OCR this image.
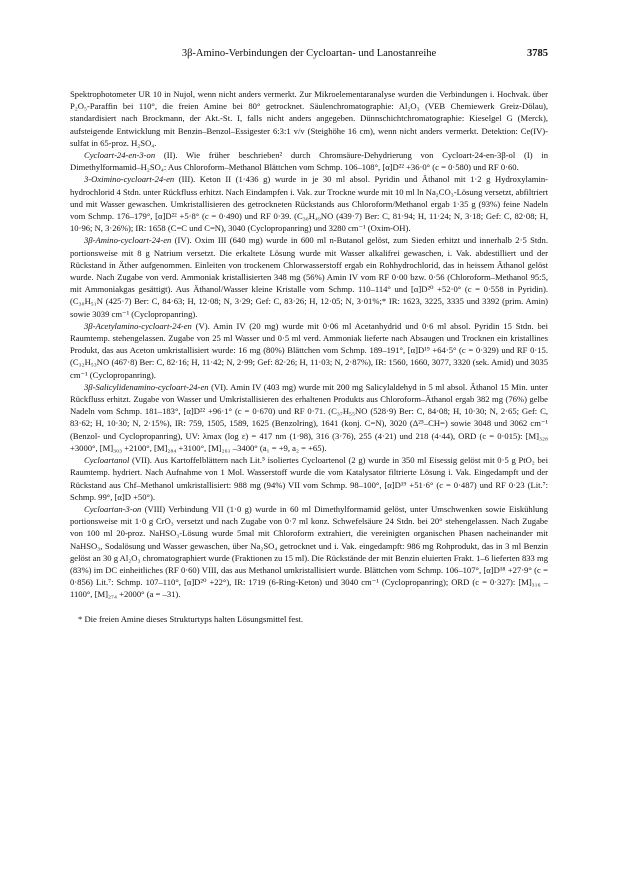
3β-Amino-Verbindungen der Cycloartan- und Lanostanreihe	3785

Spektrophotometer UR 10 in Nujol, wenn nicht anders vermerkt. Zur Mikroelementaranalyse wurden die Verbindungen i. Hochvak. über P₂O₅-Paraffin bei 110°, die freien Amine bei 80° getrocknet. Säulenchromatographie: Al₂O₃ (VEB Chemiewerk Greiz-Dölau), standardisiert nach Brockmann, der Akt.-St. I, falls nicht anders angegeben. Dünnschichtchromatographie: Kieselgel G (Merck), aufsteigende Entwicklung mit Benzin–Benzol–Essigester 6:3:1 v/v (Steighöhe 16 cm), wenn nicht anders vermerkt. Detektion: Ce(IV)-sulfat in 65-proz. H₂SO₄.

Cycloart-24-en-3-on (II). Wie früher beschrieben² durch Chromsäure-Dehydrierung von Cycloart-24-en-3β-ol (I) in Dimethylformamid–H₂SO₄: Aus Chloroform–Methanol Blättchen vom Schmp. 106–108°, [α]D²² +36·0° (c = 0·580) und RF 0·60.

3-Oximino-cycloart-24-en (III). Keton II (1·436 g) wurde in je 30 ml absol. Pyridin und Äthanol mit 1·2 g Hydroxylamin-hydrochlorid 4 Stdn. unter Rückfluss erhitzt. Nach Eindampfen i. Vak. zur Trockne wurde mit 10 ml ln Na₂CO₃-Lösung versetzt, abfiltriert und mit Wasser gewaschen. Umkristallisieren des getrockneten Rückstands aus Chloroform/Methanol ergab 1·35 g (93%) feine Nadeln vom Schmp. 176–179°, [α]D²² +5·8° (c = 0·490) und RF 0·39. (C₃₀H₄₉NO (439·7) Ber: C, 81·94; H, 11·24; N, 3·18; Gef: C, 82·08; H, 10·96; N, 3·26%); IR: 1658 (C=C und C=N), 3040 (Cyclopropanring) und 3280 cm⁻¹ (Oxim-OH).

3β-Amino-cycloart-24-en (IV). Oxim III (640 mg) wurde in 600 ml n-Butanol gelöst, zum Sieden erhitzt und innerhalb 2·5 Stdn. portionsweise mit 8 g Natrium versetzt. Die erkaltete Lösung wurde mit Wasser alkalifrei gewaschen, i. Vak. abdestilliert und der Rückstand in Äther aufgenommen. Einleiten von trockenem Chlorwasserstoff ergab ein Rohhydrochlorid, das in heissem Äthanol gelöst wurde. Nach Zugabe von verd. Ammoniak kristallisierten 348 mg (56%) Amin IV vom RF 0·00 bzw. 0·56 (Chloroform–Methanol 95:5, mit Ammoniakgas gesättigt). Aus Äthanol/Wasser kleine Kristalle vom Schmp. 110–114° und [α]D²⁰ +52·0° (c = 0·558 in Pyridin). (C₃₀H₅₁N (425·7) Ber: C, 84·63; H, 12·08; N, 3·29; Gef: C, 83·26; H, 12·05; N, 3·01%;* IR: 1623, 3225, 3335 und 3392 (prim. Amin) sowie 3039 cm⁻¹ (Cyclopropanring).

3β-Acetylamino-cycloart-24-en (V). Amin IV (20 mg) wurde mit 0·06 ml Acetanhydrid und 0·6 ml absol. Pyridin 15 Stdn. bei Raumtemp. stehengelassen. Zugabe von 25 ml Wasser und 0·5 ml verd. Ammoniak lieferte nach Absaugen und Trocknen ein kristallines Produkt, das aus Aceton umkristallisiert wurde: 16 mg (80%) Blättchen vom Schmp. 189–191°, [α]D¹⁹ +64·5° (c = 0·329) und RF 0·15. (C₃₂H₅₃NO (467·8) Ber: C, 82·16; H, 11·42; N, 2·99; Gef: 82·26; H, 11·03; N, 2·87%), IR: 1560, 1660, 3077, 3320 (sek. Amid) und 3035 cm⁻¹ (Cyclopropanring).

3β-Salicylidenamino-cycloart-24-en (VI). Amin IV (403 mg) wurde mit 200 mg Salicylaldehyd in 5 ml absol. Äthanol 15 Min. unter Rückfluss erhitzt. Zugabe von Wasser und Umkristallisieren des erhaltenen Produkts aus Chloroform–Äthanol ergab 382 mg (76%) gelbe Nadeln vom Schmp. 181–183°, [α]D²² +96·1° (c = 0·670) und RF 0·71. (C₃₇H₅₅NO (528·9) Ber: C, 84·08; H, 10·30; N, 2·65; Gef: C, 83·62; H, 10·30; N, 2·15%), IR: 759, 1505, 1589, 1625 (Benzolring), 1641 (konj. C=N), 3020 (Δ²⁵–CH=) sowie 3048 und 3062 cm⁻¹ (Benzol- und Cyclopropanring), UV: λmax (log ε) = 417 nm (1·98), 316 (3·76), 255 (4·21) und 218 (4·44), ORD (c = 0·015): [M]₃₂₈ +3000°, [M]₃₀₃ +2100°, [M]₂₈₄ +3100°, [M]₂₆₁ –3400° (a₁ = +9, a₂ = +65).

Cycloartanol (VII). Aus Kartoffelblättern nach Lit.⁵ isoliertes Cycloartenol (2 g) wurde in 350 ml Eisessig gelöst mit 0·5 g PtO₂ bei Raumtemp. hydriert. Nach Aufnahme von 1 Mol. Wasserstoff wurde die vom Katalysator filtrierte Lösung i. Vak. Eingedampft und der Rückstand aus Chf–Methanol umkristallisiert: 988 mg (94%) VII vom Schmp. 98–100°, [α]D¹⁹ +51·6° (c = 0·487) und RF 0·23 (Lit.⁷: Schmp. 99°, [α]D +50°).

Cycloartan-3-on (VIII) Verbindung VII (1·0 g) wurde in 60 ml Dimethylformamid gelöst, unter Umschwenken sowie Eiskühlung portionsweise mit 1·0 g CrO₃ versetzt und nach Zugabe von 0·7 ml konz. Schwefelsäure 24 Stdn. bei 20° stehengelassen. Nach Zugabe von 100 ml 20-proz. NaHSO₃-Lösung wurde 5mal mit Chloroform extrahiert, die vereinigten organischen Phasen nacheinander mit NaHSO₃, Sodalösung und Wasser gewaschen, über Na₂SO₄ getrocknet und i. Vak. eingedampft: 986 mg Rohprodukt, das in 3 ml Benzin gelöst an 30 g Al₂O₃ chromatographiert wurde (Fraktionen zu 15 ml). Die Rückstände der mit Benzin eluierten Frakt. 1–6 lieferten 833 mg (83%) im DC einheitliches (RF 0·60) VIII, das aus Methanol umkristallisiert wurde. Blättchen vom Schmp. 106–107°, [α]D¹⁸ +27·9° (c = 0·856) Lit.⁷: Schmp. 107–110°, [α]D²⁰ +22°), IR: 1719 (6-Ring-Keton) und 3040 cm⁻¹ (Cyclopropanring); ORD (c = 0·327): [M]₃₁₆ –1100°, [M]₂₇₄ +2000° (a = –31).

* Die freien Amine dieses Strukturtyps halten Lösungsmittel fest.
